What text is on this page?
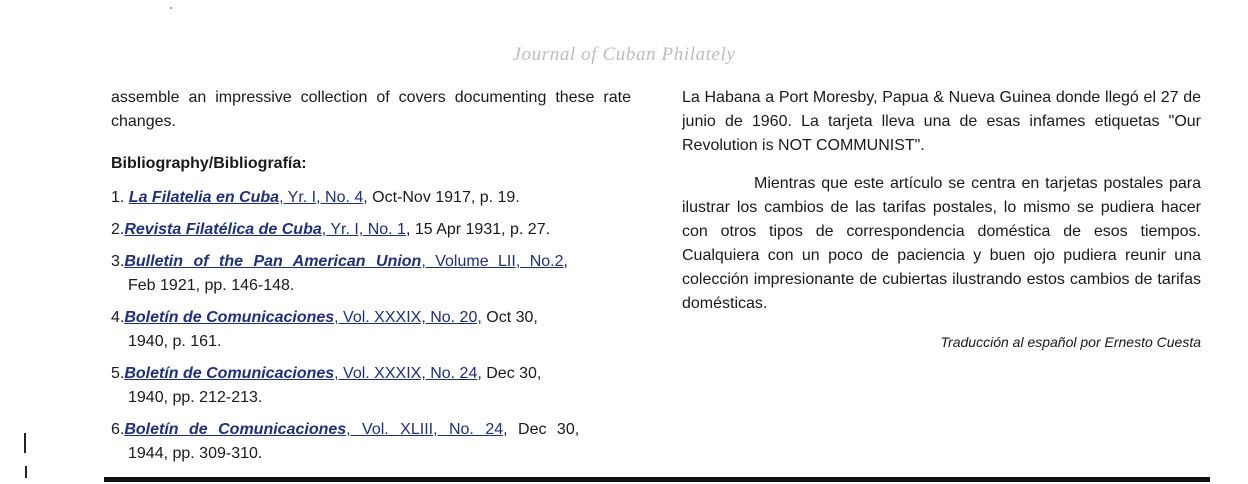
Journal of Cuban Philately

assemble an impressive collection of covers documenting these rate changes.

Bibliography/Bibliografía:
1. La Filatelia en Cuba, Yr. I, No. 4, Oct-Nov 1917, p. 19.
2.Revista Filatélica de Cuba, Yr. I, No. 1, 15 Apr 1931, p. 27.
3.Bulletin of the Pan American Union, Volume LII, No.2,
Feb 1921, pp. 146-148.
4.Boletín de Comunicaciones, Vol. XXXIX, No. 20, Oct 30,
1940, p. 161.
5.Boletín de Comunicaciones, Vol. XXXIX, No. 24, Dec 30,
1940, pp. 212-213.
6.Boletín de Comunicaciones, Vol. XLIII, No. 24, Dec 30,
1944, pp. 309-310.

La Habana a Port Moresby, Papua & Nueva Guinea donde llegó el 27 de junio de 1960. La tarjeta lleva una de esas infames etiquetas "Our Revolution is NOT COMMUNIST".

Mientras que este artículo se centra en tarjetas postales para ilustrar los cambios de las tarifas postales, lo mismo se pudiera hacer con otros tipos de correspondencia doméstica de esos tiempos. Cualquiera con un poco de paciencia y buen ojo pudiera reunir una colección impresionante de cubiertas ilustrando estos cambios de tarifas domésticas.

Traducción al español por Ernesto Cuesta
